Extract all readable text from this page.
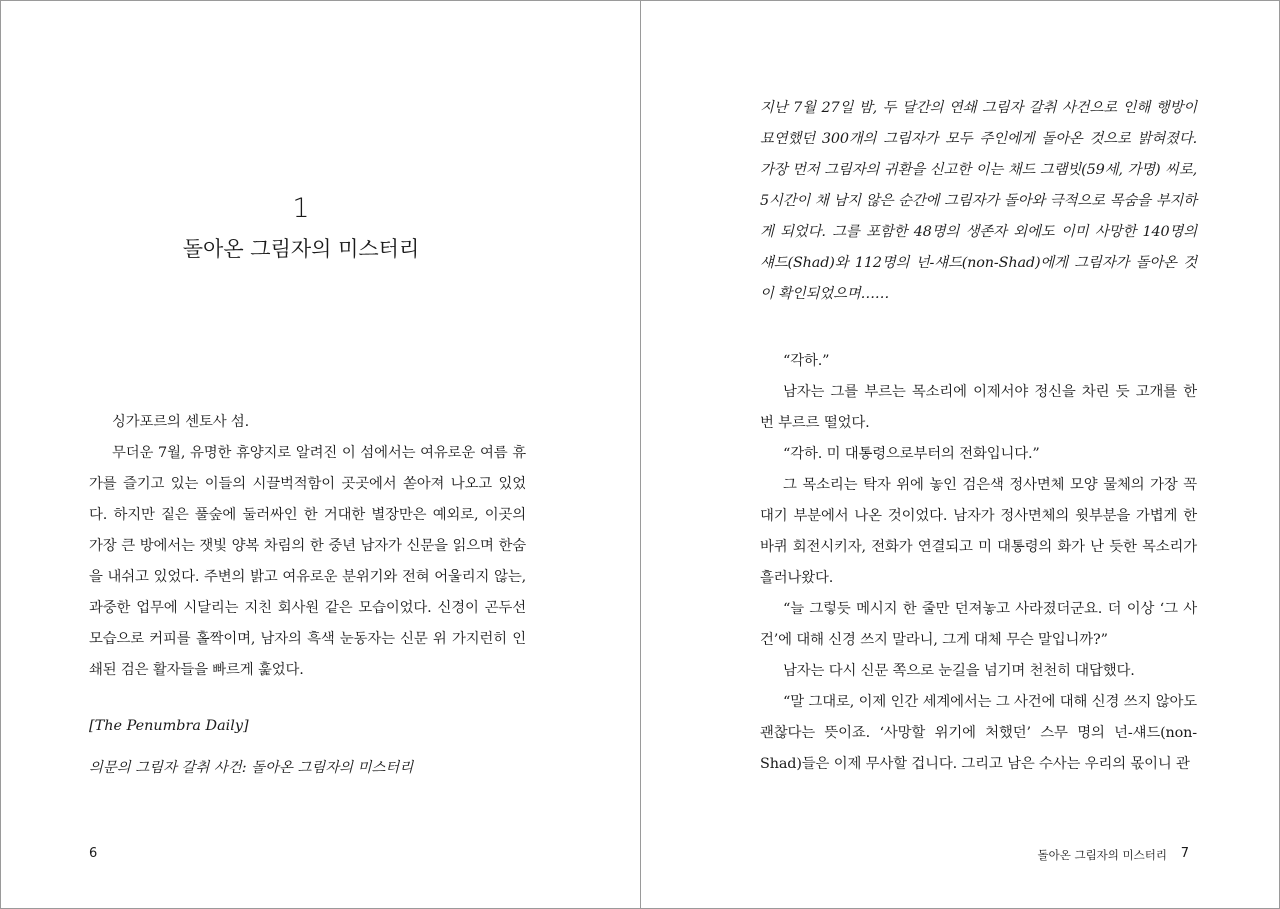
1
돌아온 그림자의 미스터리

싱가포르의 센토사 섬.

무더운 7월, 유명한 휴양지로 알려진 이 섬에서는 여유로운 여름 휴가를 즐기고 있는 이들의 시끌벅적함이 곳곳에서 쏟아져 나오고 있었다. 하지만 짙은 풀숲에 둘러싸인 한 거대한 별장만은 예외로, 이곳의 가장 큰 방에서는 잿빛 양복 차림의 한 중년 남자가 신문을 읽으며 한숨을 내쉬고 있었다. 주변의 밝고 여유로운 분위기와 전혀 어울리지 않는, 과중한 업무에 시달리는 지친 회사원 같은 모습이었다. 신경이 곤두선 모습으로 커피를 홀짝이며, 남자의 흑색 눈동자는 신문 위 가지런히 인쇄된 검은 활자들을 빠르게 훑었다.

[The Penumbra Daily]

의문의 그림자 갈취 사건: 돌아온 그림자의 미스터리

6

지난 7월 27일 밤, 두 달간의 연쇄 그림자 갈취 사건으로 인해 행방이 묘연했던 300개의 그림자가 모두 주인에게 돌아온 것으로 밝혀졌다. 가장 먼저 그림자의 귀환을 신고한 이는 채드 그램빗(59세, 가명) 씨로, 5시간이 채 남지 않은 순간에 그림자가 돌아와 극적으로 목숨을 부지하게 되었다. 그를 포함한 48명의 생존자 외에도 이미 사망한 140명의 섀드(Shad)와 112명의 넌-섀드(non-Shad)에게 그림자가 돌아온 것이 확인되었으며……

“각하.”

남자는 그를 부르는 목소리에 이제서야 정신을 차린 듯 고개를 한 번 부르르 떨었다.

“각하. 미 대통령으로부터의 전화입니다.”

그 목소리는 탁자 위에 놓인 검은색 정사면체 모양 물체의 가장 꼭대기 부분에서 나온 것이었다. 남자가 정사면체의 윗부분을 가볍게 한 바퀴 회전시키자, 전화가 연결되고 미 대통령의 화가 난 듯한 목소리가 흘러나왔다.

“늘 그렇듯 메시지 한 줄만 던져놓고 사라졌더군요. 더 이상 ‘그 사건’에 대해 신경 쓰지 말라니, 그게 대체 무슨 말입니까?”

남자는 다시 신문 쪽으로 눈길을 넘기며 천천히 대답했다.

“말 그대로, 이제 인간 세계에서는 그 사건에 대해 신경 쓰지 않아도 괜찮다는 뜻이죠. ‘사망할 위기에 처했던’ 스무 명의 넌-섀드(non-Shad)들은 이제 무사할 겁니다. 그리고 남은 수사는 우리의 몫이니 관

돌아온 그림자의 미스터리 7
